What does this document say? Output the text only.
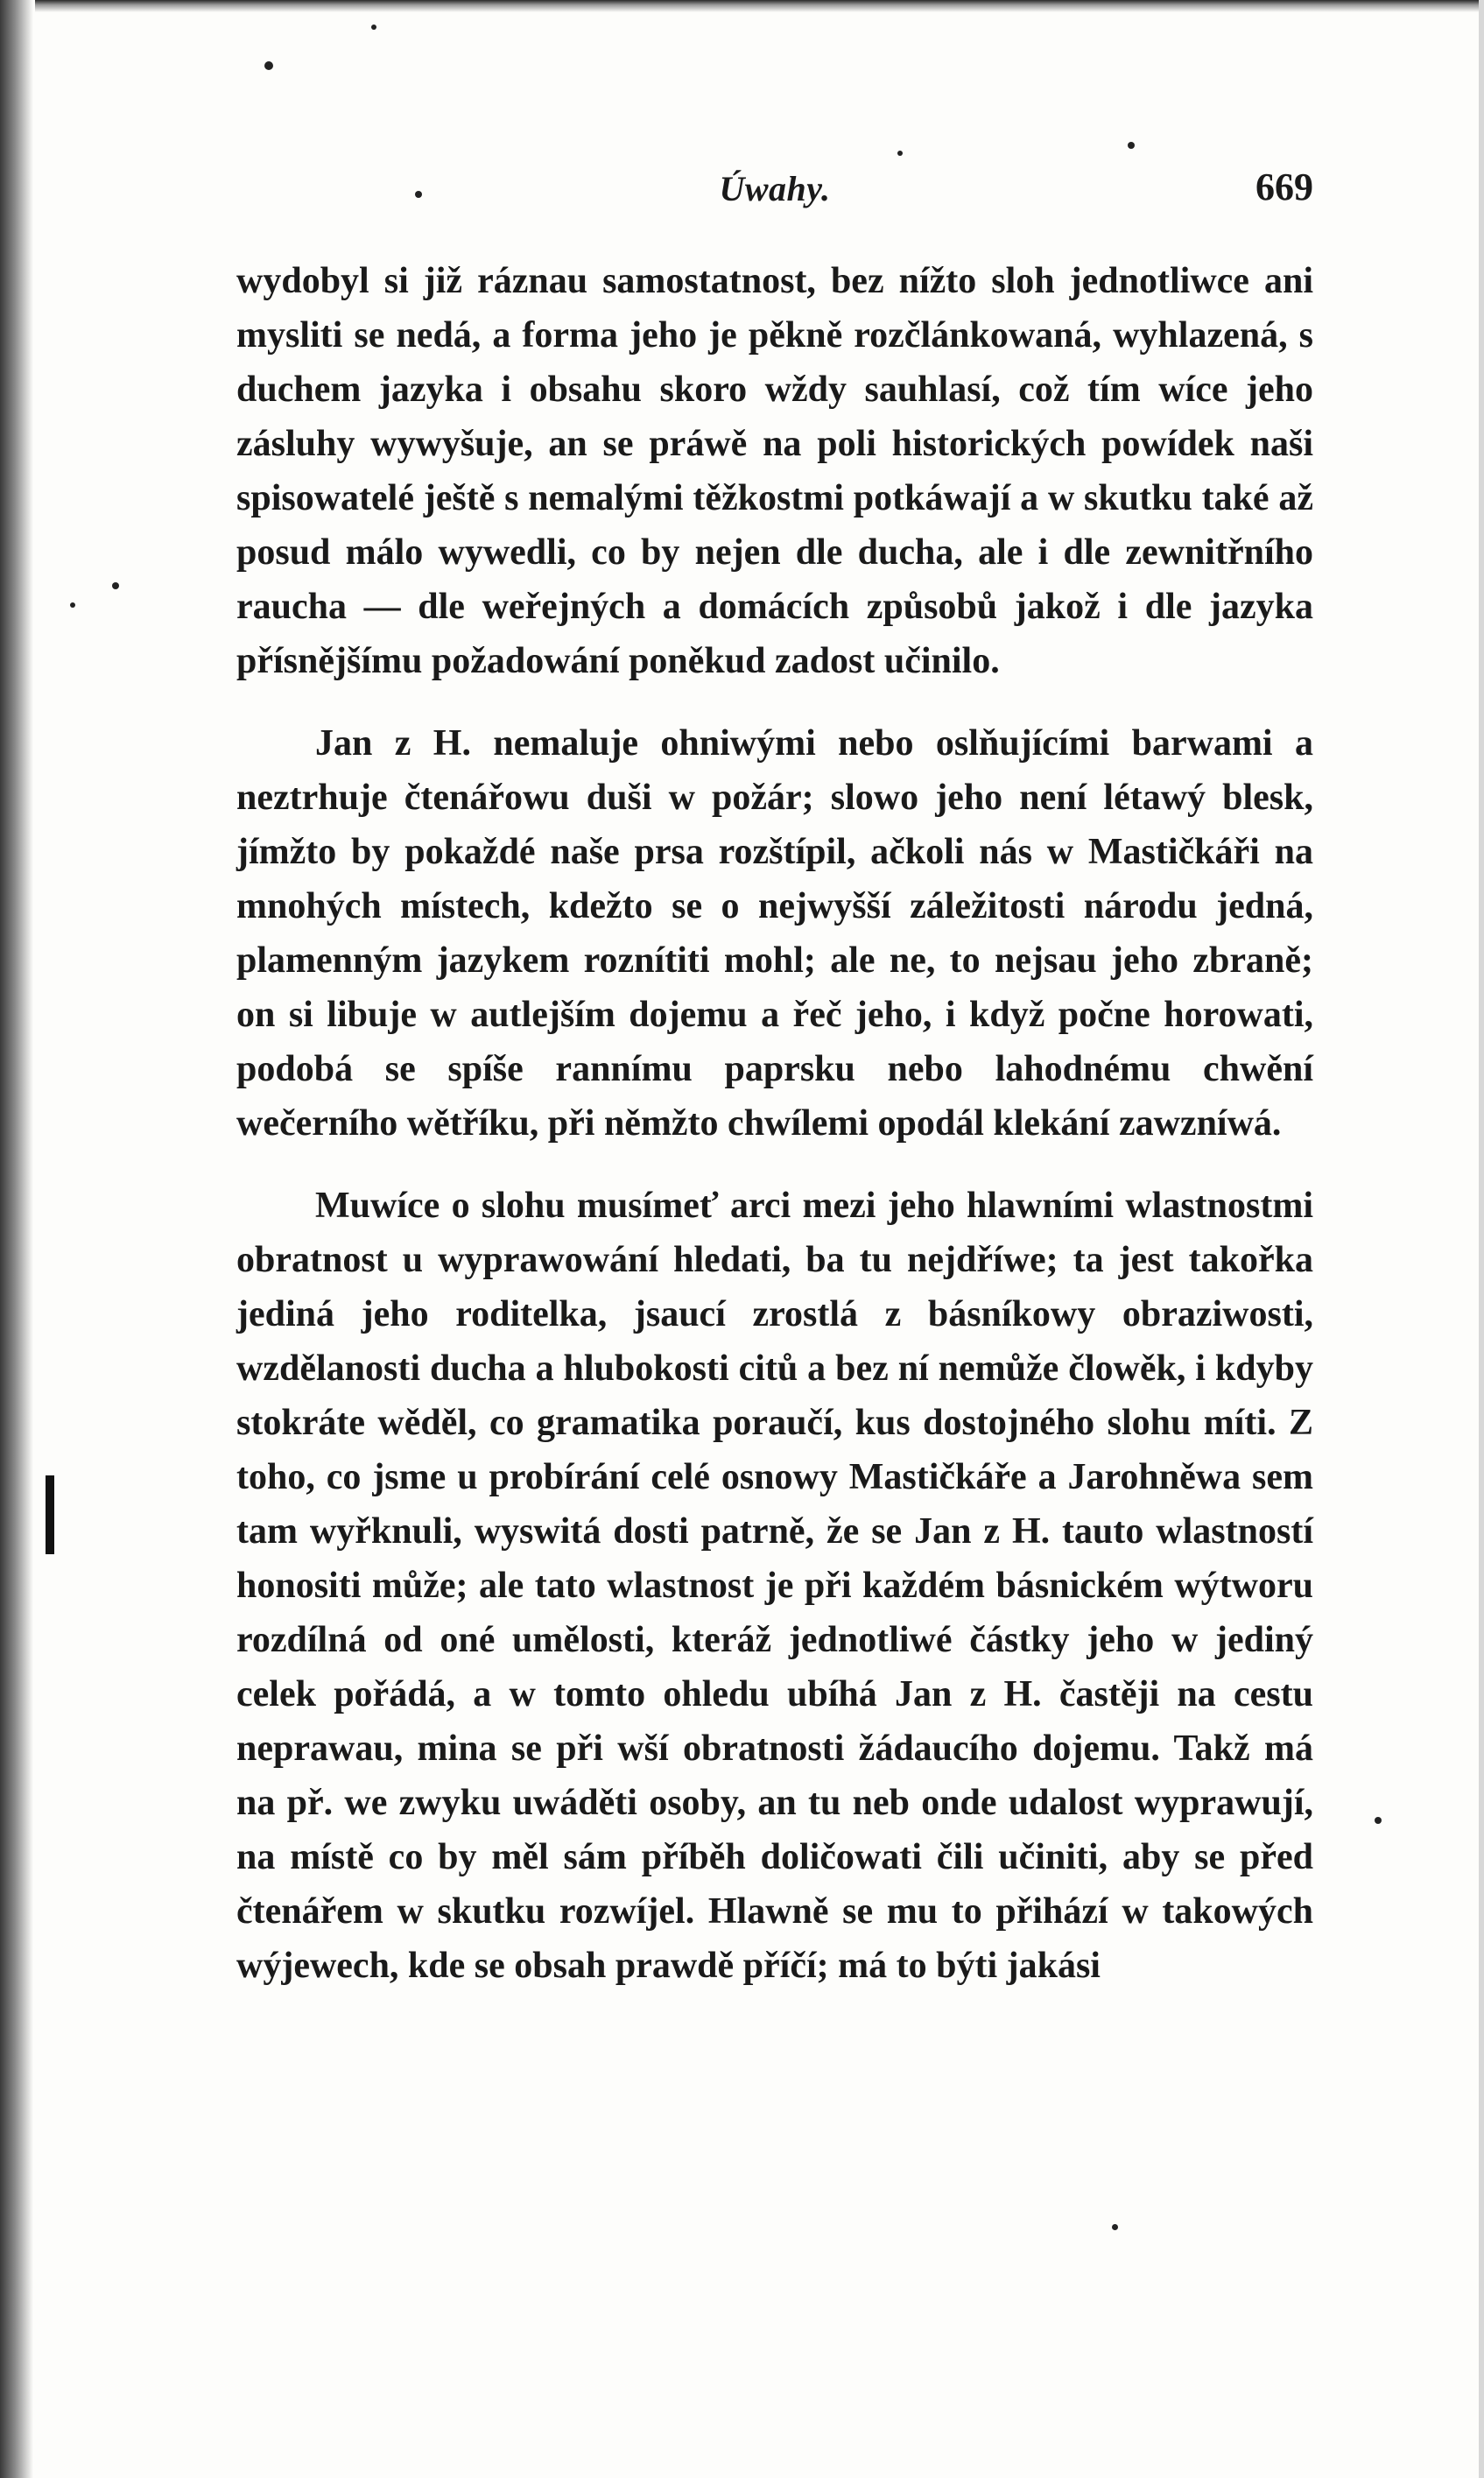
Úwahy.	669

wydobyl si již ráznau samostatnost, bez nížto sloh jednotliwce ani mysliti se nedá, a forma jeho je pěkně rozčlánkowaná, wyhlazená, s duchem jazyka i obsahu skoro wždy sauhlasí, což tím wíce jeho zásluhy wywyšuje, an se práwě na poli historických powídek naši spisowatelé ještě s nemalými těžkostmi potkáwají a w skutku také až posud málo wywedli, co by nejen dle ducha, ale i dle zewnitřního raucha — dle weřejných a domácích způsobů jakož i dle jazyka přísnějšímu požadowání poněkud zadost učinilo.

Jan z H. nemaluje ohniwými nebo oslňujícími barwami a neztrhuje čtenářowu duši w požár; slowo jeho není létawý blesk, jímžto by pokaždé naše prsa rozštípil, ačkoli nás w Mastičkáři na mnohých místech, kdežto se o nejwyšší záležitosti národu jedná, plamenným jazykem roznítiti mohl; ale ne, to nejsau jeho zbraně; on si libuje w autlejším dojemu a řeč jeho, i když počne horowati, podobá se spíše rannímu paprsku nebo lahodnému chwění wečerního wětříku, při němžto chwílemi opodál klekání zawzníwá.

Muwíce o slohu musímeť arci mezi jeho hlawními wlastnostmi obratnost u wyprawowání hledati, ba tu nejdříwe; ta jest takořka jediná jeho roditelka, jsaucí zrostlá z básníkowy obraziwosti, wzdělanosti ducha a hlubokosti citů a bez ní nemůže člowěk, i kdyby stokráte wěděl, co gramatika poraučí, kus dostojného slohu míti. Z toho, co jsme u probírání celé osnowy Mastičkáře a Jarohněwa sem tam wyřknuli, wyswitá dosti patrně, že se Jan z H. tauto wlastností honositi může; ale tato wlastnost je při každém básnickém wýtworu rozdílná od oné umělosti, kteráž jednotliwé částky jeho w jediný celek pořádá, a w tomto ohledu ubíhá Jan z H. častěji na cestu neprawau, mina se při wší obratnosti žádaucího dojemu. Takž má na př. we zwyku uwáděti osoby, an tu neb onde udalost wyprawují, na místě co by měl sám příběh doličowati čili učiniti, aby se před čtenářem w skutku rozwíjel. Hlawně se mu to přihází w takowých wýjewech, kde se obsah prawdě příčí; má to býti jakási
